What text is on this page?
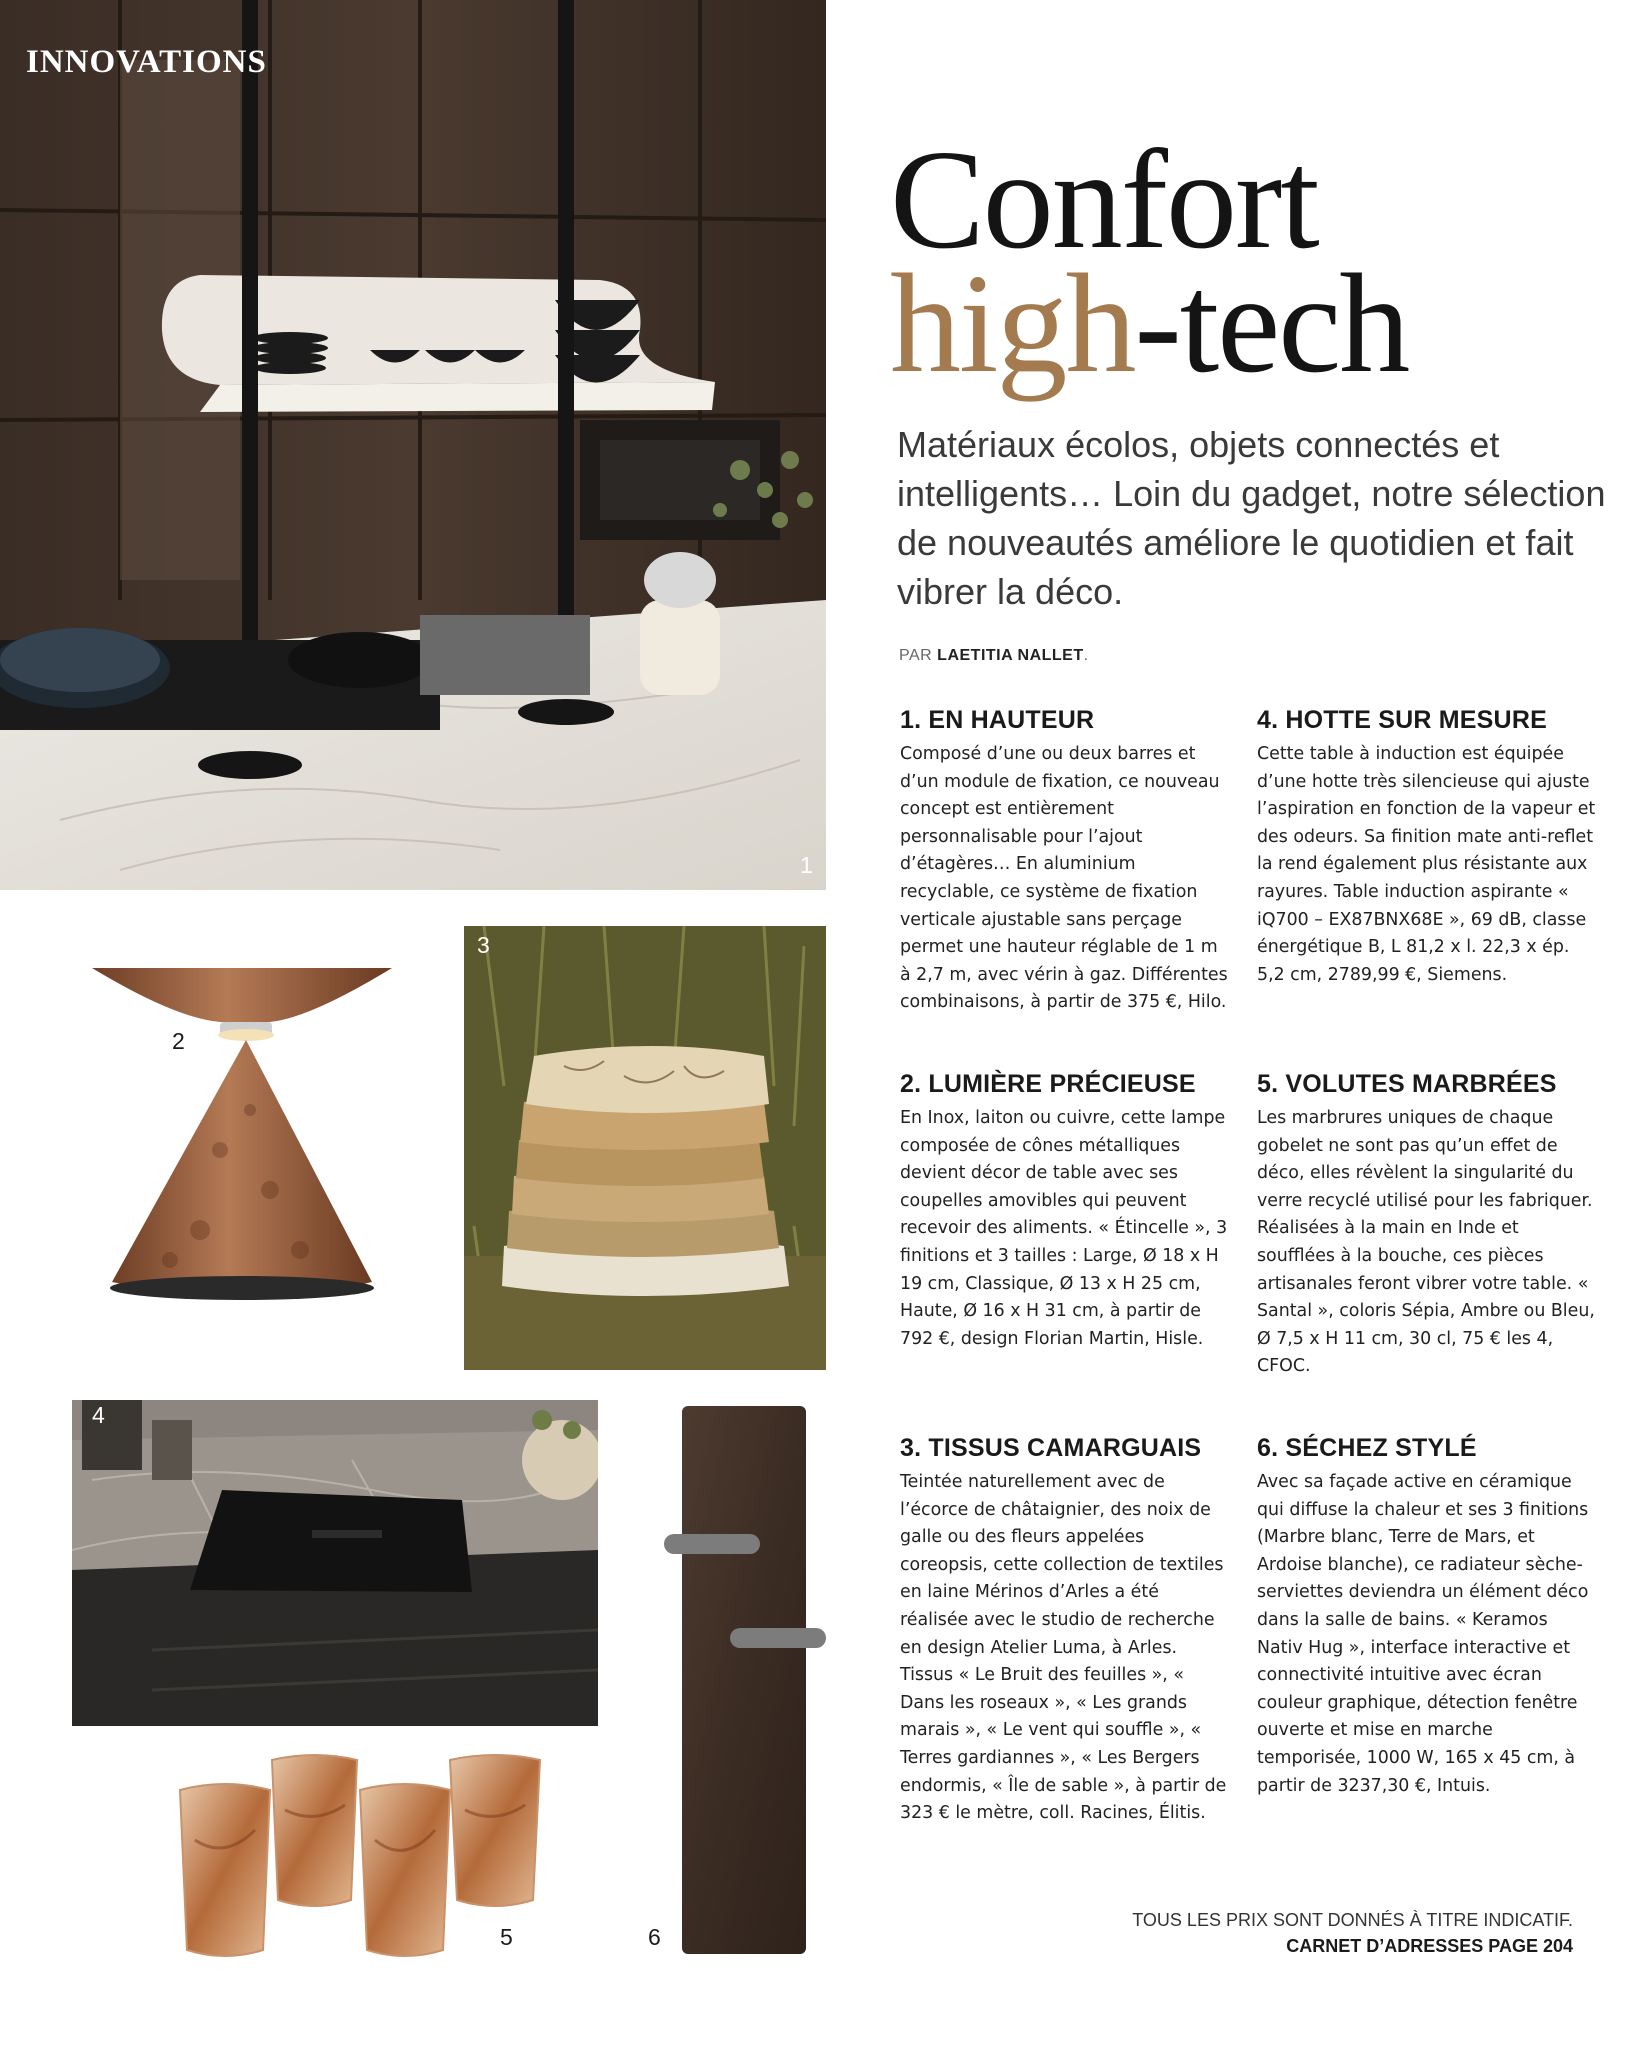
INNOVATIONS
1
2
3
4
5	6
Confort
high-tech
Matériaux écolos, objets connectés et intelligents… Loin du gadget, notre sélection de nouveautés améliore le quotidien et fait vibrer la déco.
PAR LAETITIA NALLET.
1. EN HAUTEUR

Composé d’une ou deux barres et d’un module de fixation, ce nouveau concept est entièrement personnalisable pour l’ajout d’étagères… En aluminium recyclable, ce système de fixation verticale ajustable sans perçage permet une hauteur réglable de 1 m à 2,7 m, avec vérin à gaz. Différentes combinaisons, à partir de 375 €, Hilo.

2. LUMIÈRE PRÉCIEUSE

En Inox, laiton ou cuivre, cette lampe composée de cônes métalliques devient décor de table avec ses coupelles amovibles qui peuvent recevoir des aliments. « Étincelle », 3 finitions et 3 tailles : Large, Ø 18 x H 19 cm, Classique, Ø 13 x H 25 cm, Haute, Ø 16 x H 31 cm, à partir de 792 €, design Florian Martin, Hisle.

3. TISSUS CAMARGUAIS

Teintée naturellement avec de l’écorce de châtaignier, des noix de galle ou des fleurs appelées coreopsis, cette collection de textiles en laine Mérinos d’Arles a été réalisée avec le studio de recherche en design Atelier Luma, à Arles. Tissus « Le Bruit des feuilles », « Dans les roseaux », « Les grands marais », « Le vent qui souffle », « Terres gardiannes », « Les Bergers endormis, « Île de sable », à partir de 323 € le mètre, coll. Racines, Élitis.

4. HOTTE SUR MESURE

Cette table à induction est équipée d’une hotte très silencieuse qui ajuste l’aspiration en fonction de la vapeur et des odeurs. Sa finition mate anti-reflet la rend également plus résistante aux rayures. Table induction aspirante « iQ700 – EX87BNX68E », 69 dB, classe énergétique B, L 81,2 x l. 22,3 x ép. 5,2 cm, 2789,99 €, Siemens.

5. VOLUTES MARBRÉES

Les marbrures uniques de chaque gobelet ne sont pas qu’un effet de déco, elles révèlent la singularité du verre recyclé utilisé pour les fabriquer. Réalisées à la main en Inde et soufflées à la bouche, ces pièces artisanales feront vibrer votre table. « Santal », coloris Sépia, Ambre ou Bleu, Ø 7,5 x H 11 cm, 30 cl, 75 € les 4, CFOC.

6. SÉCHEZ STYLÉ

Avec sa façade active en céramique qui diffuse la chaleur et ses 3 finitions (Marbre blanc, Terre de Mars, et Ardoise blanche), ce radiateur sèche-serviettes deviendra un élément déco dans la salle de bains. « Keramos Nativ Hug », interface interactive et connectivité intuitive avec écran couleur graphique, détection fenêtre ouverte et mise en marche temporisée, 1000 W, 165 x 45 cm, à partir de 3237,30 €, Intuis.

TOUS LES PRIX SONT DONNÉS À TITRE INDICATIF.
CARNET D’ADRESSES PAGE 204
